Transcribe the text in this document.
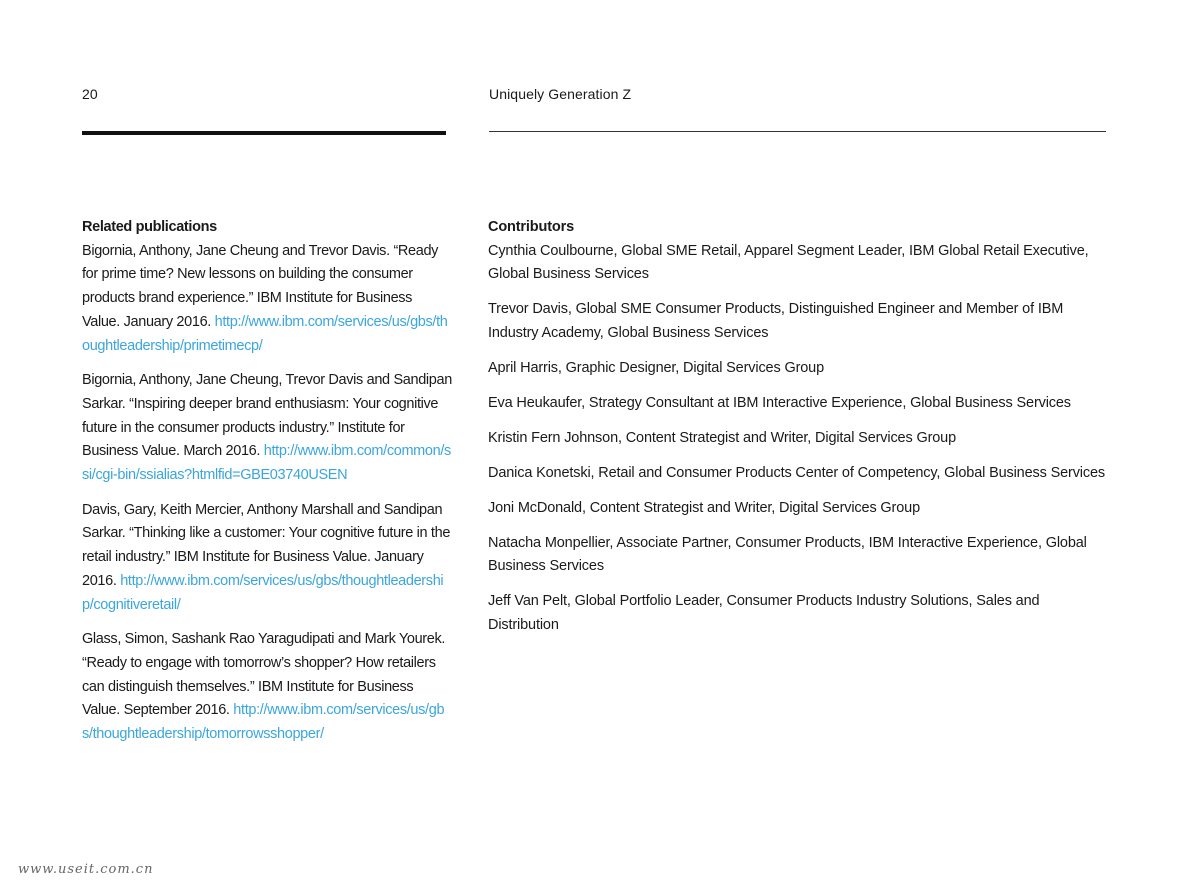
20	Uniquely Generation Z

Related publications

Bigornia, Anthony, Jane Cheung and Trevor Davis. “Ready for prime time? New lessons on building the consumer products brand experience.” IBM Institute for Business Value. January 2016. http://www.ibm.com/services/us/gbs/thoughtleadership/primetimecp/

Bigornia, Anthony, Jane Cheung, Trevor Davis and Sandipan Sarkar. “Inspiring deeper brand enthusiasm: Your cognitive future in the consumer products industry.” Institute for Business Value. March 2016. http://www.ibm.com/common/ssi/cgi-bin/ssialias?htmlfid=GBE03740USEN

Davis, Gary, Keith Mercier, Anthony Marshall and Sandipan Sarkar. “Thinking like a customer: Your cognitive future in the retail industry.” IBM Institute for Business Value. January 2016. http://www.ibm.com/services/us/gbs/thoughtleadership/cognitiveretail/

Glass, Simon, Sashank Rao Yaragudipati and Mark Yourek. “Ready to engage with tomorrow’s shopper? How retailers can distinguish themselves.” IBM Institute for Business Value. September 2016. http://www.ibm.com/services/us/gbs/thoughtleadership/tomorrowsshopper/

Contributors

Cynthia Coulbourne, Global SME Retail, Apparel Segment Leader, IBM Global Retail Executive, Global Business Services

Trevor Davis, Global SME Consumer Products, Distinguished Engineer and Member of IBM Industry Academy, Global Business Services

April Harris, Graphic Designer, Digital Services Group

Eva Heukaufer, Strategy Consultant at IBM Interactive Experience, Global Business Services

Kristin Fern Johnson, Content Strategist and Writer, Digital Services Group

Danica Konetski, Retail and Consumer Products Center of Competency, Global Business Services

Joni McDonald, Content Strategist and Writer, Digital Services Group

Natacha Monpellier, Associate Partner, Consumer Products, IBM Interactive Experience, Global Business Services

Jeff Van Pelt, Global Portfolio Leader, Consumer Products Industry Solutions, Sales and Distribution

www.useit.com.cn
